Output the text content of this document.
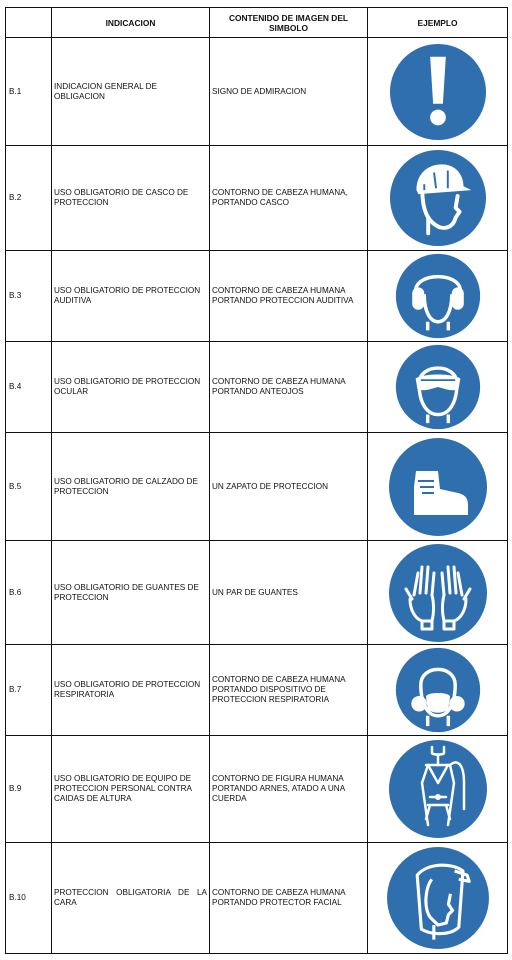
	INDICACION	CONTENIDO DE IMAGEN DEL SIMBOLO	EJEMPLO
B.1	INDICACION GENERAL DE OBLIGACION	SIGNO DE ADMIRACION	

B.2	USO OBLIGATORIO DE CASCO DE PROTECCION	CONTORNO DE CABEZA HUMANA, PORTANDO CASCO	

B.3	USO OBLIGATORIO DE PROTECCION AUDITIVA	CONTORNO DE CABEZA HUMANA PORTANDO PROTECCION AUDITIVA	

B.4	USO OBLIGATORIO DE PROTECCION OCULAR	CONTORNO DE CABEZA HUMANA PORTANDO ANTEOJOS	

B.5	USO OBLIGATORIO DE CALZADO DE PROTECCION	UN ZAPATO DE PROTECCION	

B.6	USO OBLIGATORIO DE GUANTES DE PROTECCION	UN PAR DE GUANTES	

B.7	USO OBLIGATORIO DE PROTECCION RESPIRATORIA	CONTORNO DE CABEZA HUMANA PORTANDO DISPOSITIVO DE PROTECCION RESPIRATORIA	

B.9	USO OBLIGATORIO DE EQUIPO DE PROTECCION PERSONAL CONTRA CAIDAS DE ALTURA	CONTORNO DE FIGURA HUMANA PORTANDO ARNES, ATADO A UNA CUERDA	

B.10	PROTECCION OBLIGATORIA DE LA CARA	CONTORNO DE CABEZA HUMANA PORTANDO PROTECTOR FACIAL	
